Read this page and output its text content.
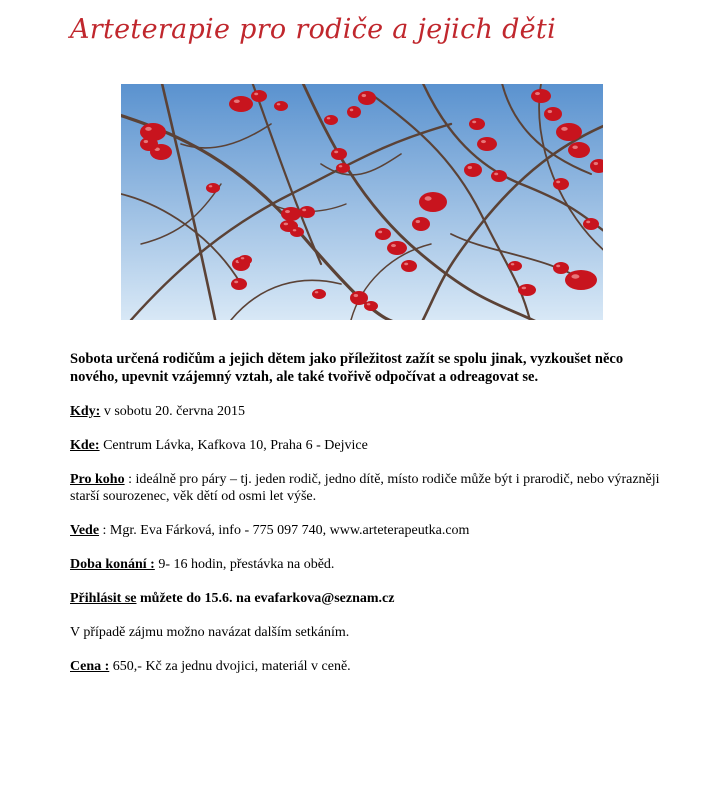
Arteterapie pro rodiče a jejich děti

Sobota určená rodičům a jejich dětem jako příležitost zažít se spolu jinak, vyzkoušet něco nového, upevnit vzájemný vztah, ale také tvořivě odpočívat a odreagovat se.

Kdy: v sobotu 20. června 2015

Kde: Centrum Lávka, Kafkova 10, Praha 6 - Dejvice

Pro koho : ideálně pro páry – tj. jeden rodič, jedno dítě, místo rodiče může být i prarodič, nebo výrazněji starší sourozenec, věk dětí od osmi let výše.

Vede : Mgr. Eva Fárková, info - 775 097 740, www.arteterapeutka.com

Doba konání : 9- 16 hodin, přestávka na oběd.

Přihlásit se můžete do 15.6. na evafarkova@seznam.cz

V případě zájmu možno navázat dalším setkáním.

Cena : 650,- Kč za jednu dvojici, materiál v ceně.
